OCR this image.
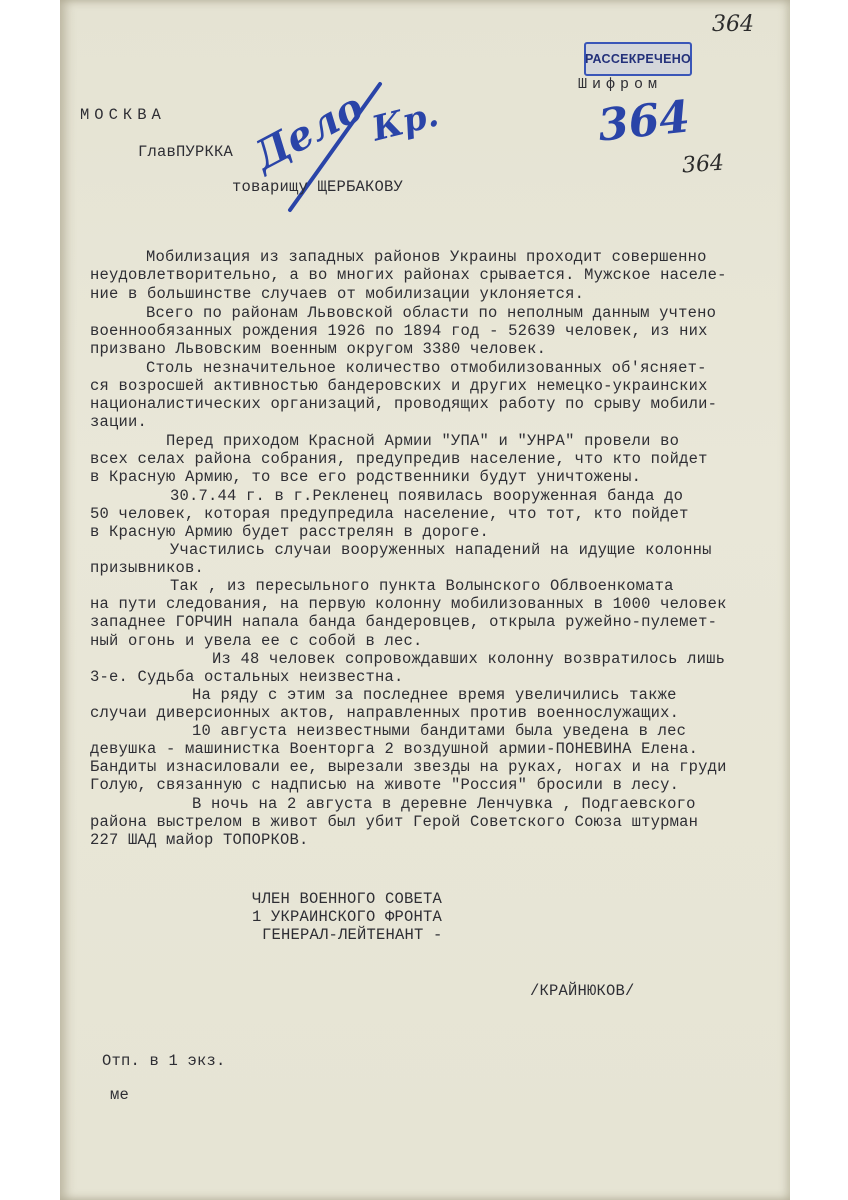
364
РАССЕКРЕЧЕНО
Шифром
364
364
Дело
Кр.
МОСКВА
ГлавПУРККА
товарищу ЩЕРБАКОВУ
Мобилизация из западных районов Украины проходит совершенно
неудовлетворительно, а во многих районах срывается. Мужское населе-
ние в большинстве случаев от мобилизации уклоняется.
Всего по районам Львовской области по неполным данным учтено
военнообязанных рождения 1926 по 1894 год - 52639 человек, из них
призвано Львовским военным округом 3380 человек.
Столь незначительное количество отмобилизованных об'ясняет-
ся возросшей активностью бандеровских и других немецко-украинских
националистических организаций, проводящих работу по срыву мобили-
зации.
Перед приходом Красной Армии "УПА" и "УНРА" провели во
всех селах района собрания, предупредив население, что кто пойдет
в Красную Армию, то все его родственники будут уничтожены.
30.7.44 г. в г.Рекленец появилась вооруженная банда до
50 человек, которая предупредила население, что тот, кто пойдет
в Красную Армию будет расстрелян в дороге.
Участились случаи вооруженных нападений на идущие колонны
призывников.
Так , из пересыльного пункта Волынского Облвоенкомата
на пути следования, на первую колонну мобилизованных в 1000 человек
западнее ГОРЧИН напала банда бандеровцев, открыла ружейно-пулемет-
ный огонь и увела ее с собой в лес.
Из 48 человек сопровождавших колонну возвратилось лишь
3-е. Судьба остальных неизвестна.
На ряду с этим за последнее время увеличились также
случаи диверсионных актов, направленных против военнослужащих.
10 августа неизвестными бандитами была уведена в лес
девушка - машинистка Военторга 2 воздушной армии-ПОНЕВИНА Елена.
Бандиты изнасиловали ее, вырезали звезды на руках, ногах и на груди
Голую, связанную с надписью на животе "Россия" бросили в лесу.
В ночь на 2 августа в деревне Ленчувка , Подгаевского
района выстрелом в живот был убит Герой Советского Союза штурман
227 ШАД майор ТОПОРКОВ.
ЧЛЕН ВОЕННОГО СОВЕТА
1 УКРАИНСКОГО ФРОНТА
ГЕНЕРАЛ-ЛЕЙТЕНАНТ -
/КРАЙНЮКОВ/
Отп. в 1 экз.
ме
